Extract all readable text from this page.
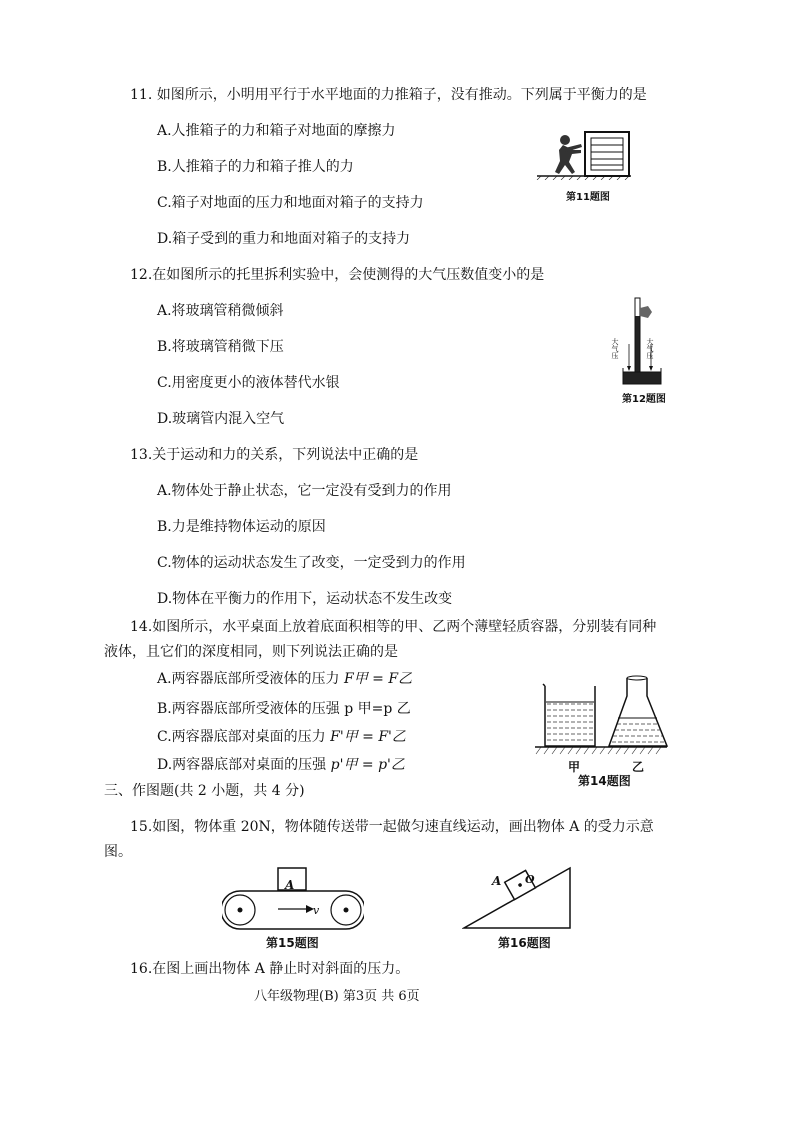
11. 如图所示，小明用平行于水平地面的力推箱子，没有推动。下列属于平衡力的是
A.人推箱子的力和箱子对地面的摩擦力
B.人推箱子的力和箱子推人的力
C.箱子对地面的压力和地面对箱子的支持力
D.箱子受到的重力和地面对箱子的支持力
第11题图
12.在如图所示的托里拆利实验中，会使测得的大气压数值变小的是
A.将玻璃管稍微倾斜
B.将玻璃管稍微下压
C.用密度更小的液体替代水银
D.玻璃管内混入空气
大气压	大气压
第12题图
13.关于运动和力的关系，下列说法中正确的是
A.物体处于静止状态，它一定没有受到力的作用
B.力是维持物体运动的原因
C.物体的运动状态发生了改变，一定受到力的作用
D.物体在平衡力的作用下，运动状态不发生改变
14.如图所示，水平桌面上放着底面积相等的甲、乙两个薄壁轻质容器，分别装有同种
液体，且它们的深度相同，则下列说法正确的是
A.两容器底部所受液体的压力 F甲 = F乙
B.两容器底部所受液体的压强 p 甲=p 乙
C.两容器底部对桌面的压力 F'甲 = F'乙
D.两容器底部对桌面的压强 p'甲 = p'乙	甲	乙
第14题图
三、作图题(共 2 小题，共 4 分)
15.如图，物体重 20N，物体随传送带一起做匀速直线运动，画出物体 A 的受力示意
图。
A
v
第15题图
A O
第16题图
16.在图上画出物体 A 静止时对斜面的压力。
八年级物理(B) 第3页 共 6页
